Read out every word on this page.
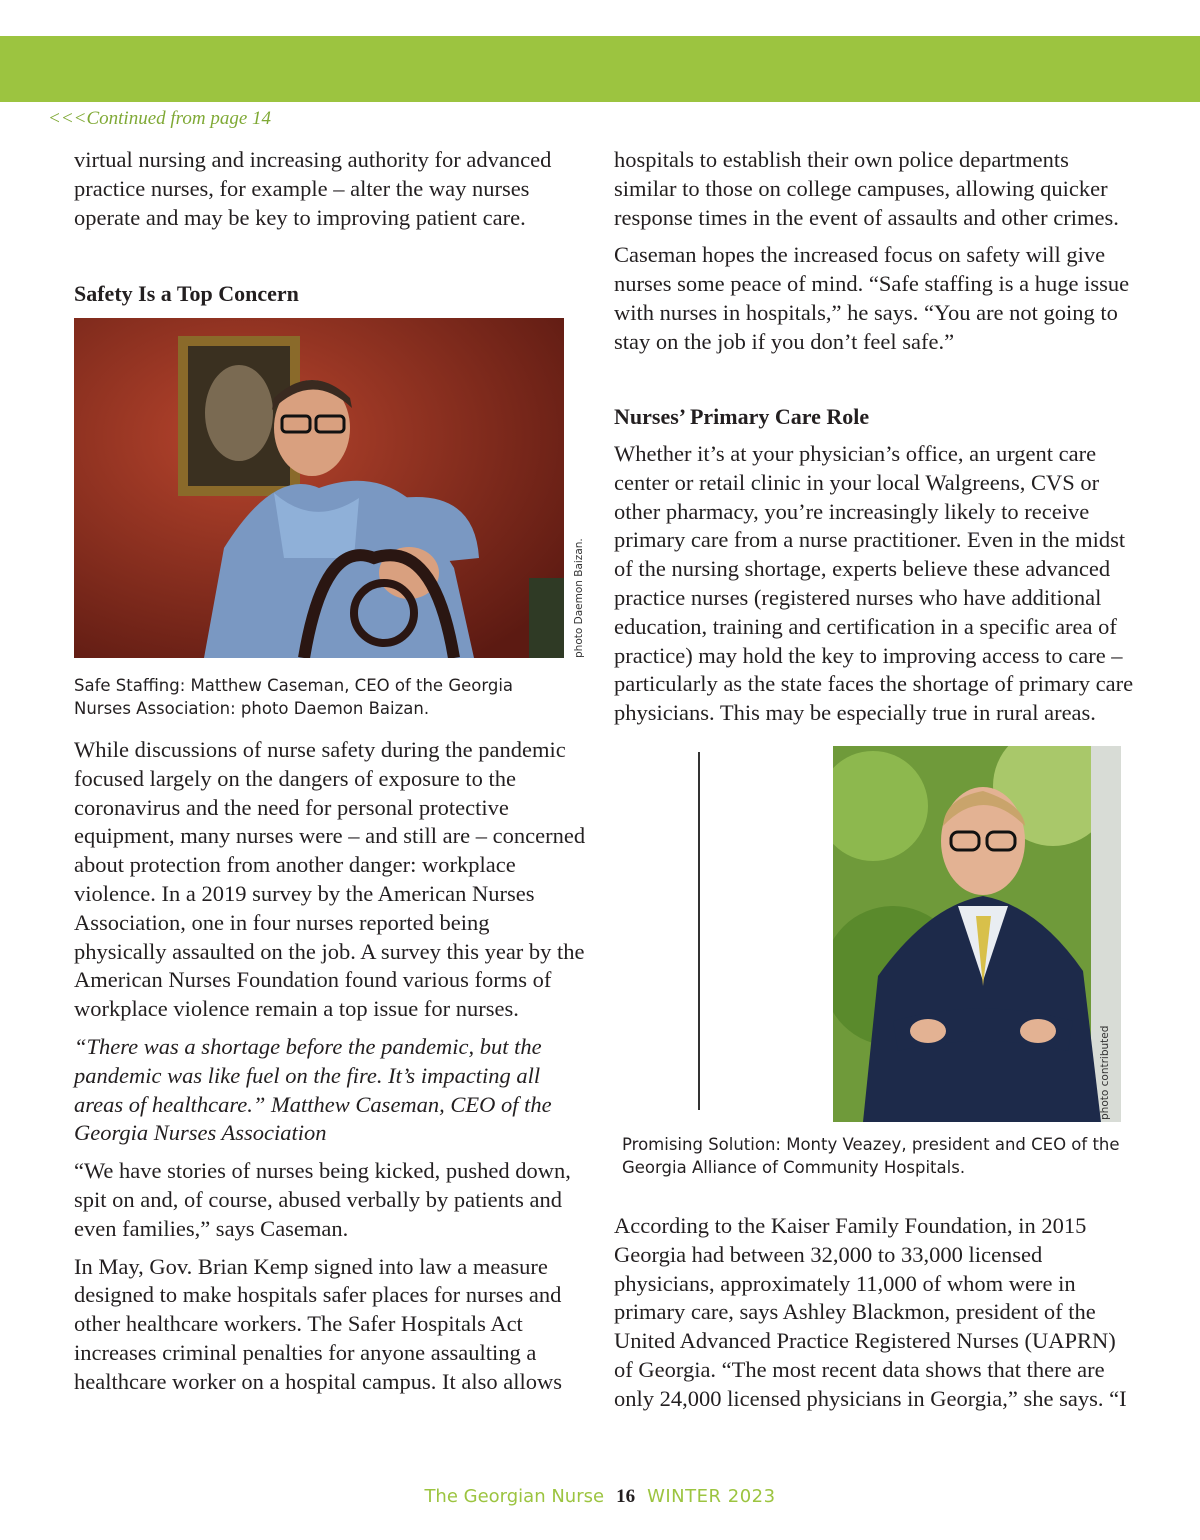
<<<Continued from page 14

virtual nursing and increasing authority for advanced practice nurses, for example – alter the way nurses operate and may be key to improving patient care.

Safety Is a Top Concern
photo Daemon Baizan.
Safe Staffing: Matthew Caseman, CEO of the Georgia Nurses Association: photo Daemon Baizan.

While discussions of nurse safety during the pandemic focused largely on the dangers of exposure to the coronavirus and the need for personal protective equipment, many nurses were – and still are – concerned about protection from another danger: workplace violence. In a 2019 survey by the American Nurses Association, one in four nurses reported being physically assaulted on the job. A survey this year by the American Nurses Foundation found various forms of workplace violence remain a top issue for nurses.

“There was a shortage before the pandemic, but the pandemic was like fuel on the fire. It’s impacting all areas of healthcare.” Matthew Caseman, CEO of the Georgia Nurses Association

“We have stories of nurses being kicked, pushed down, spit on and, of course, abused verbally by patients and even families,” says Caseman.

In May, Gov. Brian Kemp signed into law a measure designed to make hospitals safer places for nurses and other healthcare workers. The Safer Hospitals Act increases criminal penalties for anyone assaulting a healthcare worker on a hospital campus. It also allows

hospitals to establish their own police departments similar to those on college campuses, allowing quicker response times in the event of assaults and other crimes.

Caseman hopes the increased focus on safety will give nurses some peace of mind. “Safe staffing is a huge issue with nurses in hospitals,” he says. “You are not going to stay on the job if you don’t feel safe.”

Nurses’ Primary Care Role

Whether it’s at your physician’s office, an urgent care center or retail clinic in your local Walgreens, CVS or other pharmacy, you’re increasingly likely to receive primary care from a nurse practitioner. Even in the midst of the nursing shortage, experts believe these advanced practice nurses (registered nurses who have additional education, training and certification in a specific area of practice) may hold the key to improving access to care – particularly as the state faces the shortage of primary care physicians. This may be especially true in rural areas.

photo contributed
Promising Solution: Monty Veazey, president and CEO of the Georgia Alliance of Community Hospitals.

According to the Kaiser Family Foundation, in 2015 Georgia had between 32,000 to 33,000 licensed physicians, approximately 11,000 of whom were in primary care, says Ashley Blackmon, president of the United Advanced Practice Registered Nurses (UAPRN) of Georgia. “The most recent data shows that there are only 24,000 licensed physicians in Georgia,” she says. “I

The Georgian Nurse 16 WINTER 2023
